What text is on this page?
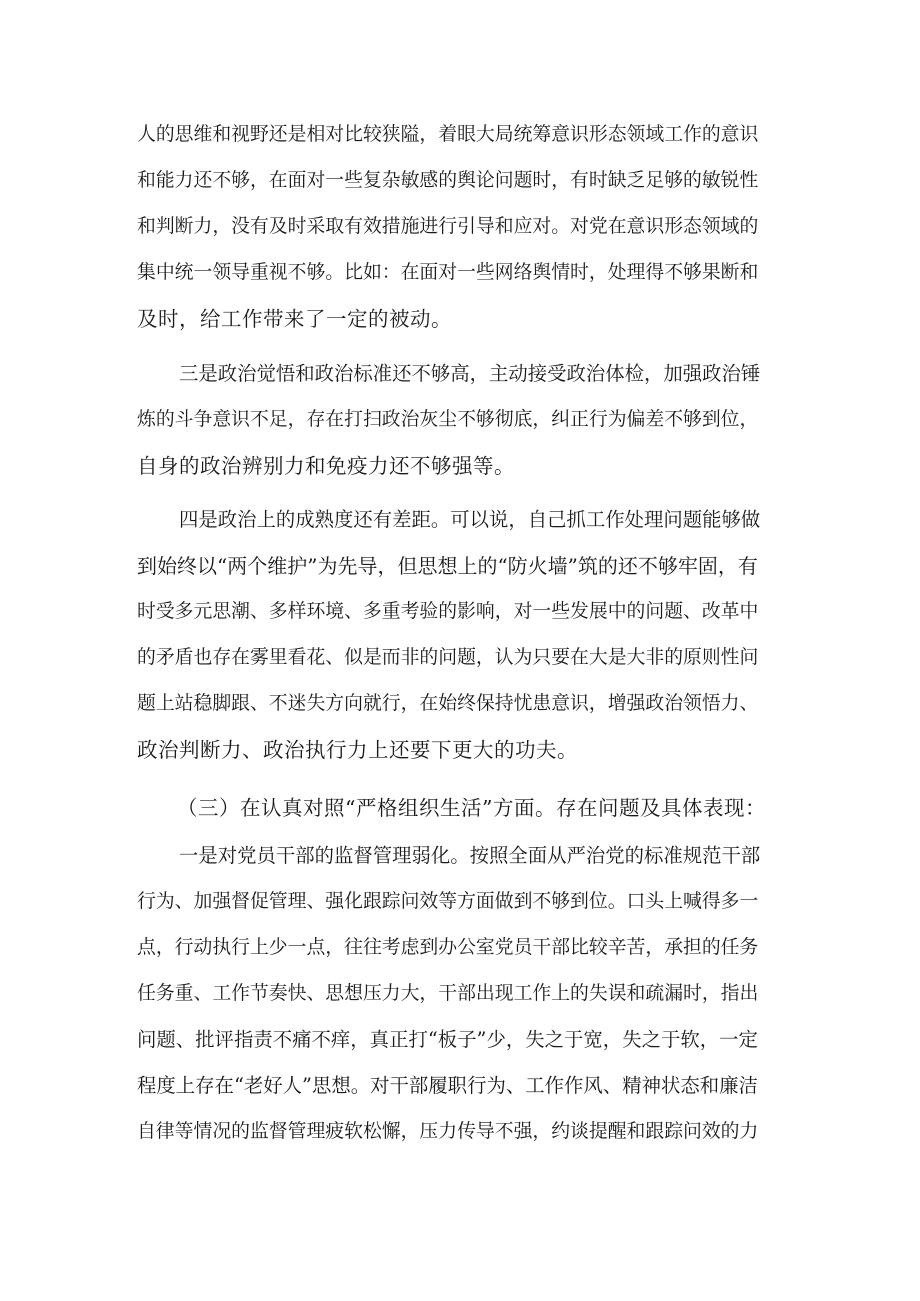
人的思维和视野还是相对比较狭隘，着眼大局统筹意识形态领域工作的意识
和能力还不够，在面对一些复杂敏感的舆论问题时，有时缺乏足够的敏锐性
和判断力，没有及时采取有效措施进行引导和应对。对党在意识形态领域的
集中统一领导重视不够。比如：在面对一些网络舆情时，处理得不够果断和
及时，给工作带来了一定的被动。
三是政治觉悟和政治标准还不够高，主动接受政治体检，加强政治锤
炼的斗争意识不足，存在打扫政治灰尘不够彻底，纠正行为偏差不够到位，
自身的政治辨别力和免疫力还不够强等。
四是政治上的成熟度还有差距。可以说，自己抓工作处理问题能够做
到始终以“两个维护”为先导，但思想上的“防火墙”筑的还不够牢固，有
时受多元思潮、多样环境、多重考验的影响，对一些发展中的问题、改革中
的矛盾也存在雾里看花、似是而非的问题，认为只要在大是大非的原则性问
题上站稳脚跟、不迷失方向就行，在始终保持忧患意识，增强政治领悟力、
政治判断力、政治执行力上还要下更大的功夫。
（三）在认真对照“严格组织生活”方面。存在问题及具体表现：
一是对党员干部的监督管理弱化。按照全面从严治党的标准规范干部
行为、加强督促管理、强化跟踪问效等方面做到不够到位。口头上喊得多一
点，行动执行上少一点，往往考虑到办公室党员干部比较辛苦，承担的任务
任务重、工作节奏快、思想压力大，干部出现工作上的失误和疏漏时，指出
问题、批评指责不痛不痒，真正打“板子”少，失之于宽，失之于软，一定
程度上存在“老好人”思想。对干部履职行为、工作作风、精神状态和廉洁
自律等情况的监督管理疲软松懈，压力传导不强，约谈提醒和跟踪问效的力
